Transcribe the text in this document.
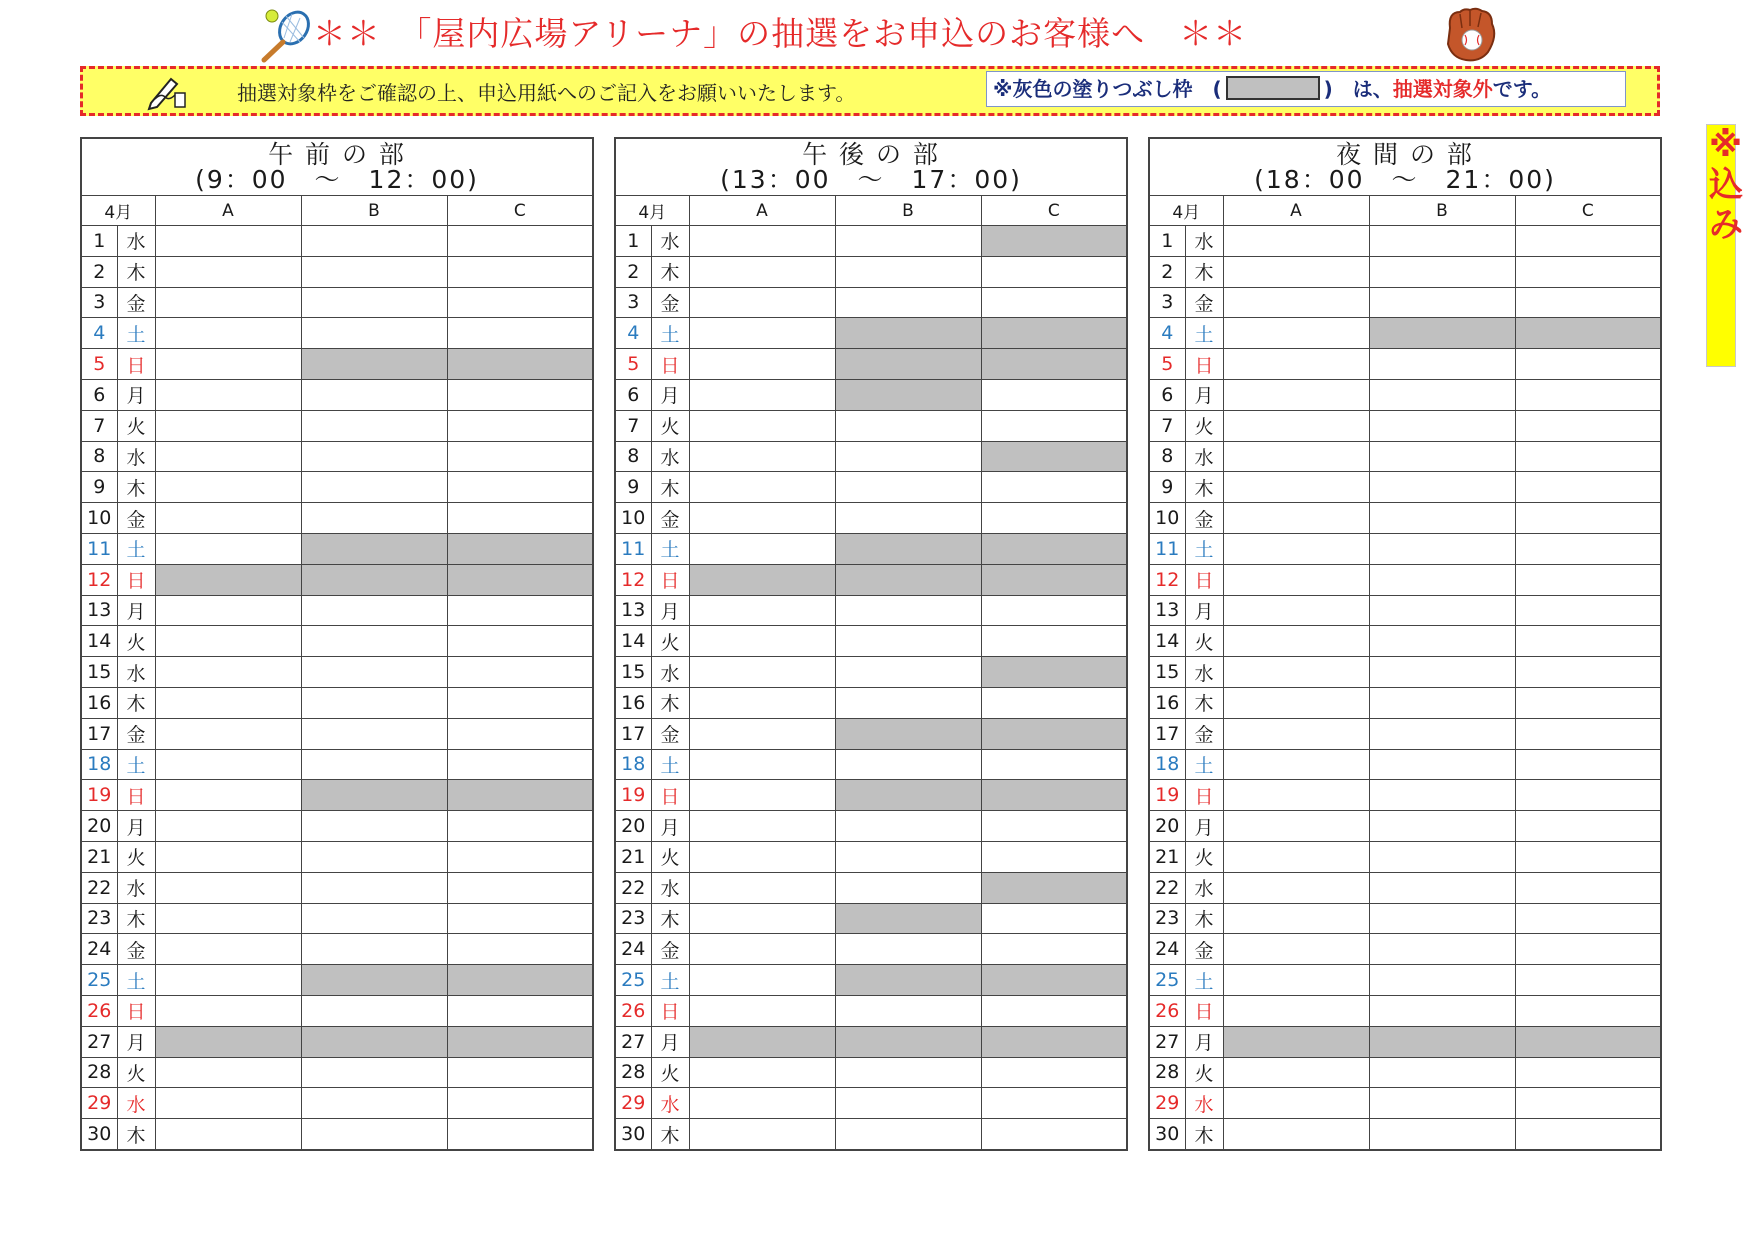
＊＊　「屋内広場アリーナ」の抽選をお申込のお客様へ　＊＊
抽選対象枠をご確認の上、申込用紙へのご記入をお願いいたします。	※灰色の塗りつぶし枠　(	)　は、抽選対象外です。
午 前 の 部
(9：00　～　12：00)				

4月		A	B	C
1	水			
2	木			
3	金			
4	土			
5	日			
6	月			
7	火			
8	水			
9	木			
10	金			
11	土			
12	日			
13	月			
14	火			
15	水			
16	木			
17	金			
18	土			
19	日			
20	月			
21	火			
22	水			
23	木			
24	金			
25	土			
26	日			
27	月			
28	火			
29	水			
30	木			
午 後 の 部
(13：00　～　17：00)				

4月		A	B	C
1	水			
2	木			
3	金			
4	土			
5	日			
6	月			
7	火			
8	水			
9	木			
10	金			
11	土			
12	日			
13	月			
14	火			
15	水			
16	木			
17	金			
18	土			
19	日			
20	月			
21	火			
22	水			
23	木			
24	金			
25	土			
26	日			
27	月			
28	火			
29	水			
30	木			
夜 間 の 部
(18：00　～　21：00)				

4月		A	B	C
1	水			
2	木			
3	金			
4	土			
5	日			
6	月			
7	火			
8	水			
9	木			
10	金			
11	土			
12	日			
13	月			
14	火			
15	水			
16	木			
17	金			
18	土			
19	日			
20	月			
21	火			
22	水			
23	木			
24	金			
25	土			
26	日			
27	月			
28	火			
29	水			
30	木			
※込み
